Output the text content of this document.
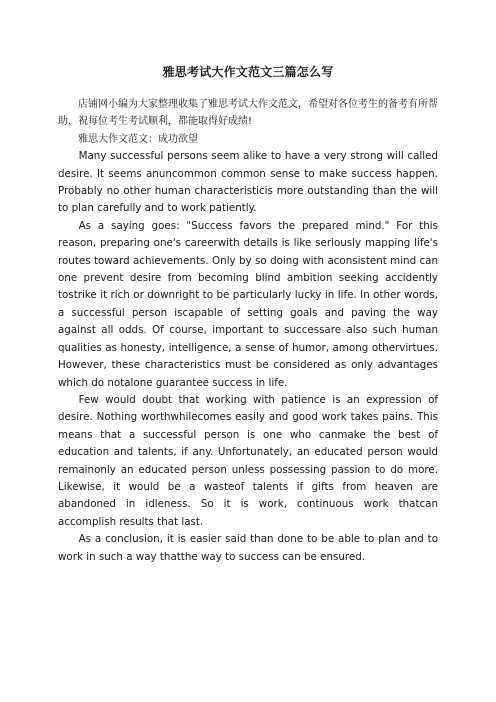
雅思考试大作文范文三篇怎么写

店铺网小编为大家整理收集了雅思考试大作文范文，希望对各位考生的备考有所帮助，祝每位考生考试顺利，都能取得好成绩!

雅思大作文范文：成功欲望

Many successful persons seem alike to have a very strong will called desire. It seems anuncommon common sense to make success happen. Probably no other human characteristicis more outstanding than the will to plan carefully and to work patiently.

As a saying goes: "Success favors the prepared mind." For this reason, preparing one's careerwith details is like seriously mapping life's routes toward achievements. Only by so doing with aconsistent mind can one prevent desire from becoming blind ambition seeking accidently tostrike it rich or downright to be particularly lucky in life. In other words, a successful person iscapable of setting goals and paving the way against all odds. Of course, important to successare also such human qualities as honesty, intelligence, a sense of humor, among othervirtues. However, these characteristics must be considered as only advantages which do notalone guarantee success in life.

Few would doubt that working with patience is an expression of desire. Nothing worthwhilecomes easily and good work takes pains. This means that a successful person is one who canmake the best of education and talents, if any. Unfortunately, an educated person would remainonly an educated person unless possessing passion to do more. Likewise, it would be a wasteof talents if gifts from heaven are abandoned in idleness. So it is work, continuous work thatcan accomplish results that last.

As a conclusion, it is easier said than done to be able to plan and to work in such a way thatthe way to success can be ensured.
